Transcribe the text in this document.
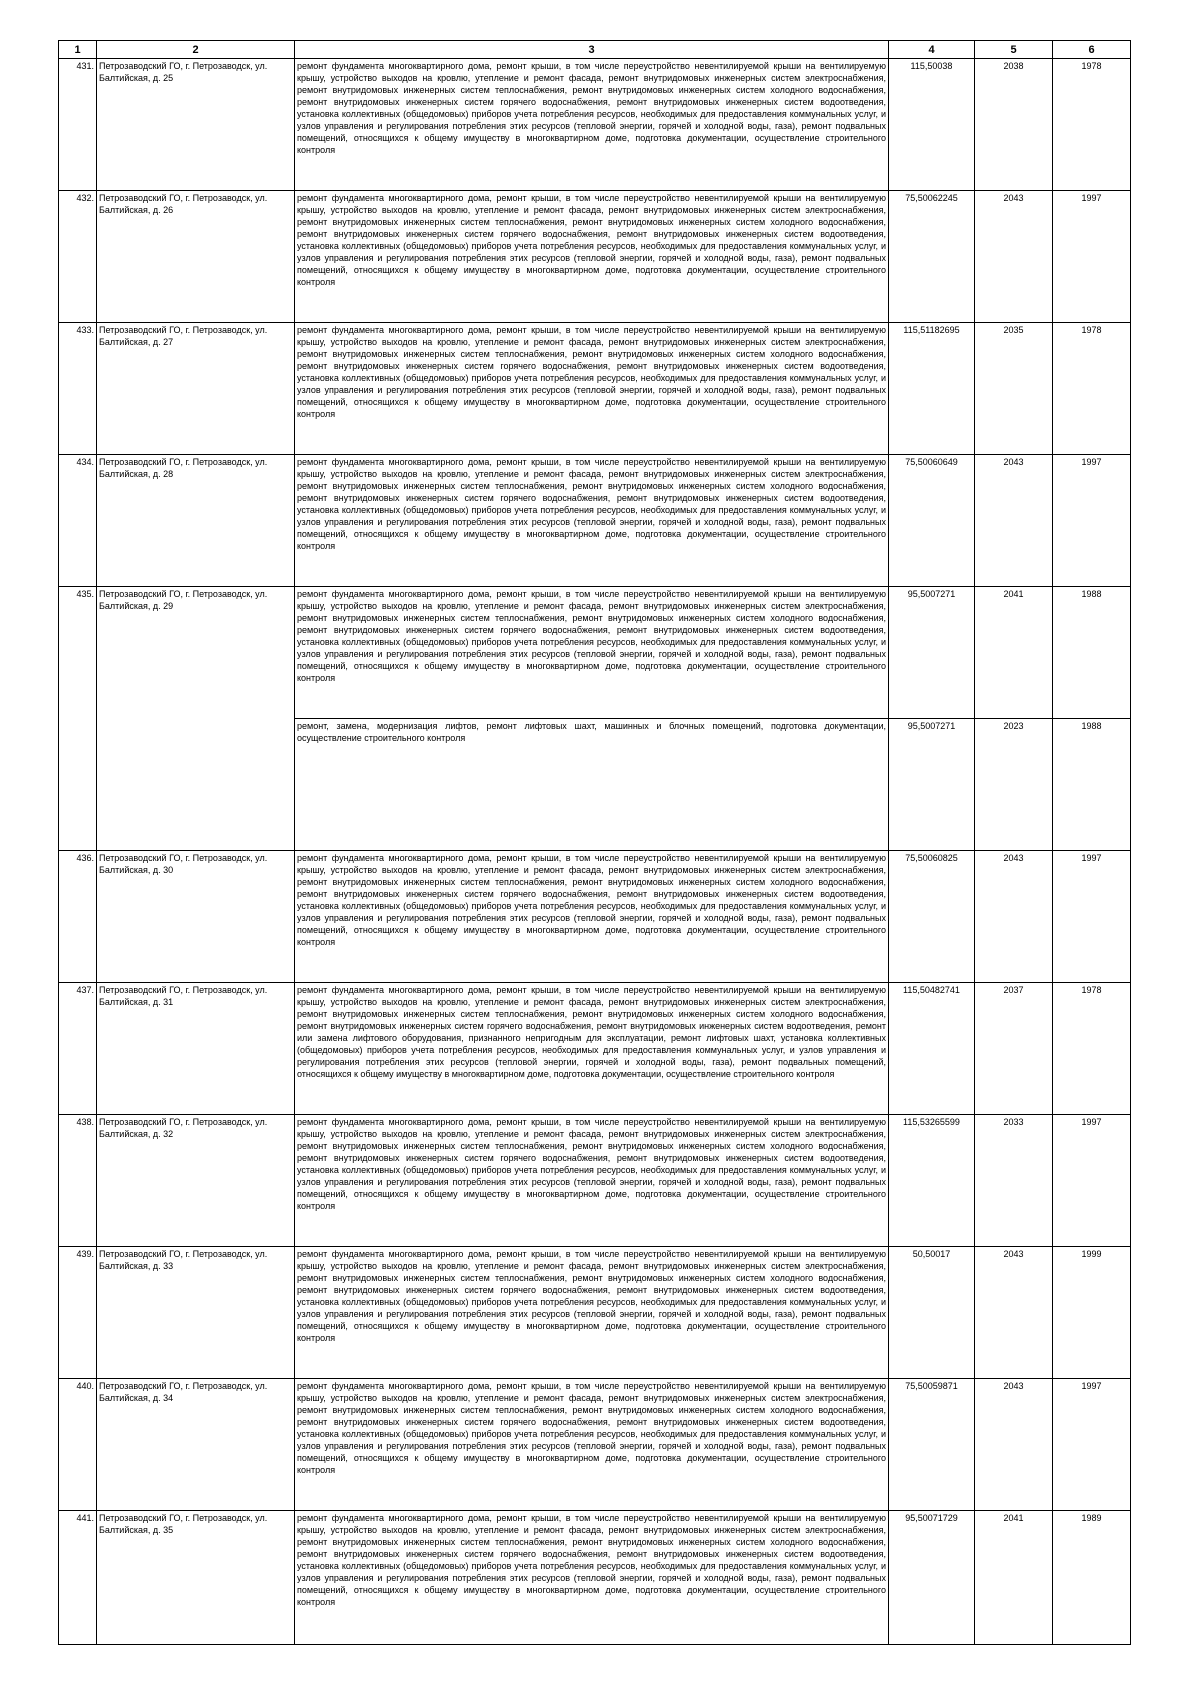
1	2	3	4	5	6
431.	Петрозаводский ГО, г. Петрозаводск, ул. Балтийская, д. 25	ремонт фундамента многоквартирного дома, ремонт крыши, в том числе переустройство невентилируемой крыши на вентилируемую крышу, устройство выходов на кровлю, утепление и ремонт фасада, ремонт внутридомовых инженерных систем электроснабжения, ремонт внутридомовых инженерных систем теплоснабжения, ремонт внутридомовых инженерных систем холодного водоснабжения, ремонт внутридомовых инженерных систем горячего водоснабжения, ремонт внутридомовых инженерных систем водоотведения, установка коллективных (общедомовых) приборов учета потребления ресурсов, необходимых для предоставления коммунальных услуг, и узлов управления и регулирования потребления этих ресурсов (тепловой энергии, горячей и холодной воды, газа), ремонт подвальных помещений, относящихся к общему имуществу в многоквартирном доме, подготовка документации, осуществление строительного контроля	115,50038	2038	1978
432.	Петрозаводский ГО, г. Петрозаводск, ул. Балтийская, д. 26	ремонт фундамента многоквартирного дома, ремонт крыши, в том числе переустройство невентилируемой крыши на вентилируемую крышу, устройство выходов на кровлю, утепление и ремонт фасада, ремонт внутридомовых инженерных систем электроснабжения, ремонт внутридомовых инженерных систем теплоснабжения, ремонт внутридомовых инженерных систем холодного водоснабжения, ремонт внутридомовых инженерных систем горячего водоснабжения, ремонт внутридомовых инженерных систем водоотведения, установка коллективных (общедомовых) приборов учета потребления ресурсов, необходимых для предоставления коммунальных услуг, и узлов управления и регулирования потребления этих ресурсов (тепловой энергии, горячей и холодной воды, газа), ремонт подвальных помещений, относящихся к общему имуществу в многоквартирном доме, подготовка документации, осуществление строительного контроля	75,50062245	2043	1997
433.	Петрозаводский ГО, г. Петрозаводск, ул. Балтийская, д. 27	ремонт фундамента многоквартирного дома, ремонт крыши, в том числе переустройство невентилируемой крыши на вентилируемую крышу, устройство выходов на кровлю, утепление и ремонт фасада, ремонт внутридомовых инженерных систем электроснабжения, ремонт внутридомовых инженерных систем теплоснабжения, ремонт внутридомовых инженерных систем холодного водоснабжения, ремонт внутридомовых инженерных систем горячего водоснабжения, ремонт внутридомовых инженерных систем водоотведения, установка коллективных (общедомовых) приборов учета потребления ресурсов, необходимых для предоставления коммунальных услуг, и узлов управления и регулирования потребления этих ресурсов (тепловой энергии, горячей и холодной воды, газа), ремонт подвальных помещений, относящихся к общему имуществу в многоквартирном доме, подготовка документации, осуществление строительного контроля	115,51182695	2035	1978
434.	Петрозаводский ГО, г. Петрозаводск, ул. Балтийская, д. 28	ремонт фундамента многоквартирного дома, ремонт крыши, в том числе переустройство невентилируемой крыши на вентилируемую крышу, устройство выходов на кровлю, утепление и ремонт фасада, ремонт внутридомовых инженерных систем электроснабжения, ремонт внутридомовых инженерных систем теплоснабжения, ремонт внутридомовых инженерных систем холодного водоснабжения, ремонт внутридомовых инженерных систем горячего водоснабжения, ремонт внутридомовых инженерных систем водоотведения, установка коллективных (общедомовых) приборов учета потребления ресурсов, необходимых для предоставления коммунальных услуг, и узлов управления и регулирования потребления этих ресурсов (тепловой энергии, горячей и холодной воды, газа), ремонт подвальных помещений, относящихся к общему имуществу в многоквартирном доме, подготовка документации, осуществление строительного контроля	75,50060649	2043	1997
435.	Петрозаводский ГО, г. Петрозаводск, ул. Балтийская, д. 29	ремонт фундамента многоквартирного дома, ремонт крыши, в том числе переустройство невентилируемой крыши на вентилируемую крышу, устройство выходов на кровлю, утепление и ремонт фасада, ремонт внутридомовых инженерных систем электроснабжения, ремонт внутридомовых инженерных систем теплоснабжения, ремонт внутридомовых инженерных систем холодного водоснабжения, ремонт внутридомовых инженерных систем горячего водоснабжения, ремонт внутридомовых инженерных систем водоотведения, установка коллективных (общедомовых) приборов учета потребления ресурсов, необходимых для предоставления коммунальных услуг, и узлов управления и регулирования потребления этих ресурсов (тепловой энергии, горячей и холодной воды, газа), ремонт подвальных помещений, относящихся к общему имуществу в многоквартирном доме, подготовка документации, осуществление строительного контроля	95,5007271	2041	1988
		ремонт, замена, модернизация лифтов, ремонт лифтовых шахт, машинных и блочных помещений, подготовка документации, осуществление строительного контроля	95,5007271	2023	1988
436.	Петрозаводский ГО, г. Петрозаводск, ул. Балтийская, д. 30	ремонт фундамента многоквартирного дома, ремонт крыши, в том числе переустройство невентилируемой крыши на вентилируемую крышу, устройство выходов на кровлю, утепление и ремонт фасада, ремонт внутридомовых инженерных систем электроснабжения, ремонт внутридомовых инженерных систем теплоснабжения, ремонт внутридомовых инженерных систем холодного водоснабжения, ремонт внутридомовых инженерных систем горячего водоснабжения, ремонт внутридомовых инженерных систем водоотведения, установка коллективных (общедомовых) приборов учета потребления ресурсов, необходимых для предоставления коммунальных услуг, и узлов управления и регулирования потребления этих ресурсов (тепловой энергии, горячей и холодной воды, газа), ремонт подвальных помещений, относящихся к общему имуществу в многоквартирном доме, подготовка документации, осуществление строительного контроля	75,50060825	2043	1997
437.	Петрозаводский ГО, г. Петрозаводск, ул. Балтийская, д. 31	ремонт фундамента многоквартирного дома, ремонт крыши, в том числе переустройство невентилируемой крыши на вентилируемую крышу, устройство выходов на кровлю, утепление и ремонт фасада, ремонт внутридомовых инженерных систем электроснабжения, ремонт внутридомовых инженерных систем теплоснабжения, ремонт внутридомовых инженерных систем холодного водоснабжения, ремонт внутридомовых инженерных систем горячего водоснабжения, ремонт внутридомовых инженерных систем водоотведения, ремонт или замена лифтового оборудования, признанного непригодным для эксплуатации, ремонт лифтовых шахт, установка коллективных (общедомовых) приборов учета потребления ресурсов, необходимых для предоставления коммунальных услуг, и узлов управления и регулирования потребления этих ресурсов (тепловой энергии, горячей и холодной воды, газа), ремонт подвальных помещений, относящихся к общему имуществу в многоквартирном доме, подготовка документации, осуществление строительного контроля	115,50482741	2037	1978
438.	Петрозаводский ГО, г. Петрозаводск, ул. Балтийская, д. 32	ремонт фундамента многоквартирного дома, ремонт крыши, в том числе переустройство невентилируемой крыши на вентилируемую крышу, устройство выходов на кровлю, утепление и ремонт фасада, ремонт внутридомовых инженерных систем электроснабжения, ремонт внутридомовых инженерных систем теплоснабжения, ремонт внутридомовых инженерных систем холодного водоснабжения, ремонт внутридомовых инженерных систем горячего водоснабжения, ремонт внутридомовых инженерных систем водоотведения, установка коллективных (общедомовых) приборов учета потребления ресурсов, необходимых для предоставления коммунальных услуг, и узлов управления и регулирования потребления этих ресурсов (тепловой энергии, горячей и холодной воды, газа), ремонт подвальных помещений, относящихся к общему имуществу в многоквартирном доме, подготовка документации, осуществление строительного контроля	115,53265599	2033	1997
439.	Петрозаводский ГО, г. Петрозаводск, ул. Балтийская, д. 33	ремонт фундамента многоквартирного дома, ремонт крыши, в том числе переустройство невентилируемой крыши на вентилируемую крышу, устройство выходов на кровлю, утепление и ремонт фасада, ремонт внутридомовых инженерных систем электроснабжения, ремонт внутридомовых инженерных систем теплоснабжения, ремонт внутридомовых инженерных систем холодного водоснабжения, ремонт внутридомовых инженерных систем горячего водоснабжения, ремонт внутридомовых инженерных систем водоотведения, установка коллективных (общедомовых) приборов учета потребления ресурсов, необходимых для предоставления коммунальных услуг, и узлов управления и регулирования потребления этих ресурсов (тепловой энергии, горячей и холодной воды, газа), ремонт подвальных помещений, относящихся к общему имуществу в многоквартирном доме, подготовка документации, осуществление строительного контроля	50,50017	2043	1999
440.	Петрозаводский ГО, г. Петрозаводск, ул. Балтийская, д. 34	ремонт фундамента многоквартирного дома, ремонт крыши, в том числе переустройство невентилируемой крыши на вентилируемую крышу, устройство выходов на кровлю, утепление и ремонт фасада, ремонт внутридомовых инженерных систем электроснабжения, ремонт внутридомовых инженерных систем теплоснабжения, ремонт внутридомовых инженерных систем холодного водоснабжения, ремонт внутридомовых инженерных систем горячего водоснабжения, ремонт внутридомовых инженерных систем водоотведения, установка коллективных (общедомовых) приборов учета потребления ресурсов, необходимых для предоставления коммунальных услуг, и узлов управления и регулирования потребления этих ресурсов (тепловой энергии, горячей и холодной воды, газа), ремонт подвальных помещений, относящихся к общему имуществу в многоквартирном доме, подготовка документации, осуществление строительного контроля	75,50059871	2043	1997
441.	Петрозаводский ГО, г. Петрозаводск, ул. Балтийская, д. 35	ремонт фундамента многоквартирного дома, ремонт крыши, в том числе переустройство невентилируемой крыши на вентилируемую крышу, устройство выходов на кровлю, утепление и ремонт фасада, ремонт внутридомовых инженерных систем электроснабжения, ремонт внутридомовых инженерных систем теплоснабжения, ремонт внутридомовых инженерных систем холодного водоснабжения, ремонт внутридомовых инженерных систем горячего водоснабжения, ремонт внутридомовых инженерных систем водоотведения, установка коллективных (общедомовых) приборов учета потребления ресурсов, необходимых для предоставления коммунальных услуг, и узлов управления и регулирования потребления этих ресурсов (тепловой энергии, горячей и холодной воды, газа), ремонт подвальных помещений, относящихся к общему имуществу в многоквартирном доме, подготовка документации, осуществление строительного контроля	95,50071729	2041	1989
